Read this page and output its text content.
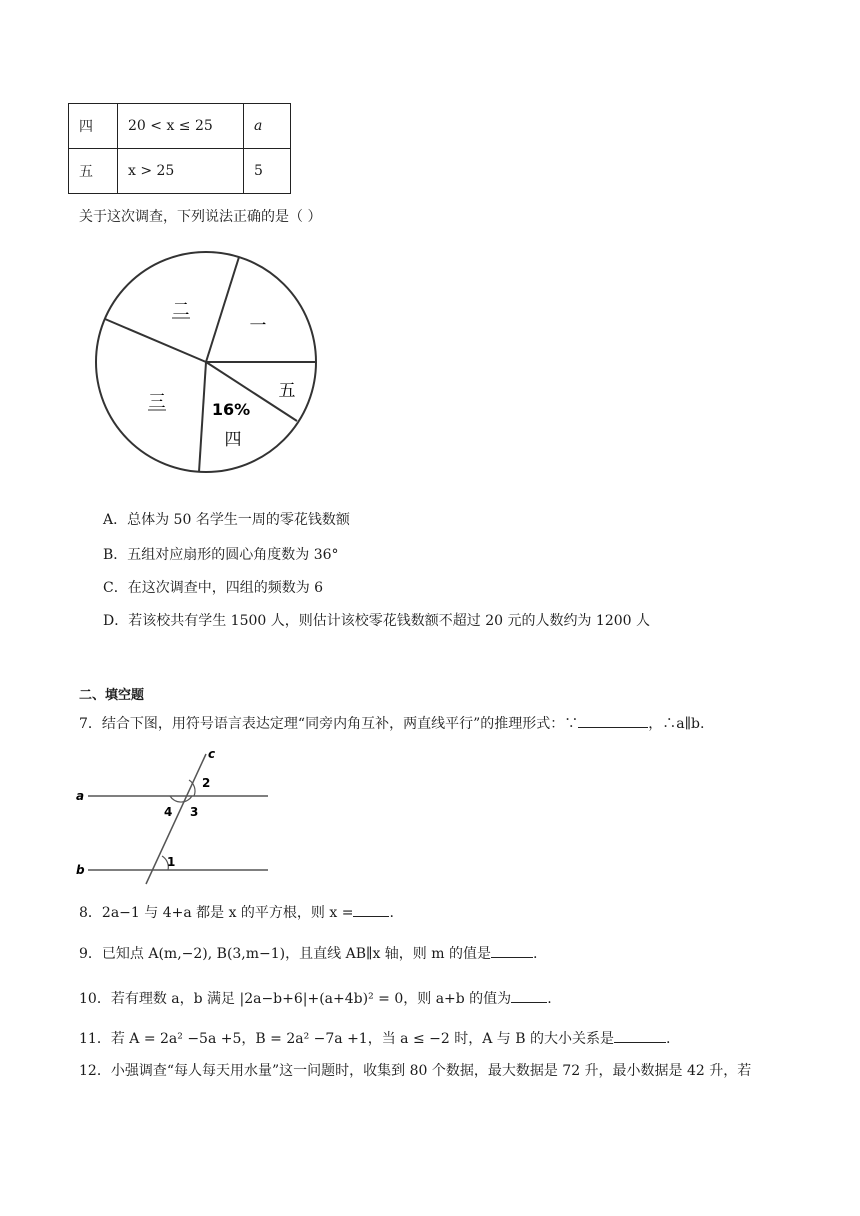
四	20 < x ≤ 25	a
五	x > 25	5
关于这次调查，下列说法正确的是（ ）
二
一
五
三	16%
四
A．总体为 50 名学生一周的零花钱数额
B．五组对应扇形的圆心角度数为 36°
C．在这次调查中，四组的频数为 6
D．若该校共有学生 1500 人，则估计该校零花钱数额不超过 20 元的人数约为 1200 人
二、填空题
7．结合下图，用符号语言表达定理“同旁内角互补，两直线平行”的推理形式：∵	，∴a∥b.
a
b
c
2
4 3
1
8．2a−1 与 4+a 都是 x 的平方根，则 x =	.
9．已知点 A(m,−2), B(3,m−1)，且直线 AB∥x 轴，则 m 的值是	.
10．若有理数 a，b 满足 |2a−b+6|+(a+4b)² = 0，则 a+b 的值为	.
11．若 A = 2a² −5a +5，B = 2a² −7a +1，当 a ≤ −2 时，A 与 B 的大小关系是	.
12．小强调查“每人每天用水量”这一问题时，收集到 80 个数据，最大数据是 72 升，最小数据是 42 升，若
